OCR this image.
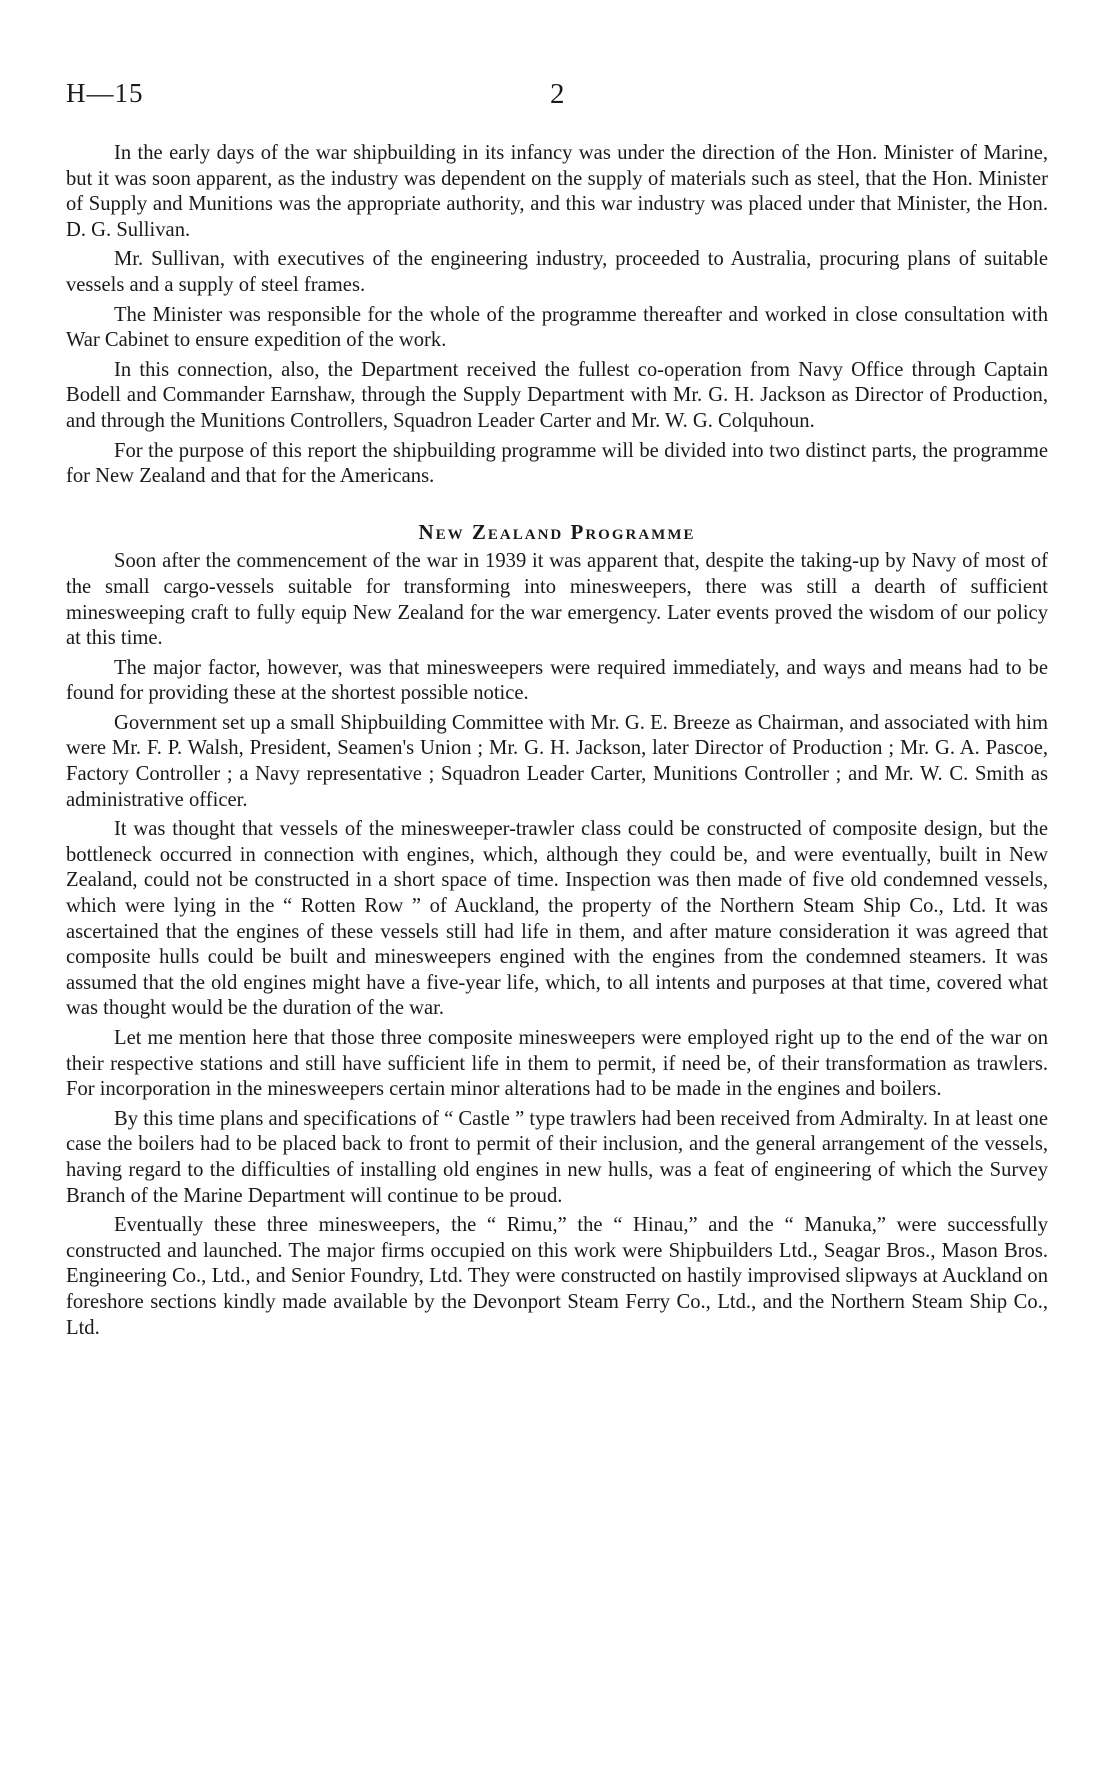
H—15	2

In the early days of the war shipbuilding in its infancy was under the direction of the Hon. Minister of Marine, but it was soon apparent, as the industry was dependent on the supply of materials such as steel, that the Hon. Minister of Supply and Munitions was the appropriate authority, and this war industry was placed under that Minister, the Hon. D. G. Sullivan.

Mr. Sullivan, with executives of the engineering industry, proceeded to Australia, procuring plans of suitable vessels and a supply of steel frames.

The Minister was responsible for the whole of the programme thereafter and worked in close consultation with War Cabinet to ensure expedition of the work.

In this connection, also, the Department received the fullest co-operation from Navy Office through Captain Bodell and Commander Earnshaw, through the Supply Department with Mr. G. H. Jackson as Director of Production, and through the Munitions Controllers, Squadron Leader Carter and Mr. W. G. Colquhoun.

For the purpose of this report the shipbuilding programme will be divided into two distinct parts, the programme for New Zealand and that for the Americans.

New Zealand Programme

Soon after the commencement of the war in 1939 it was apparent that, despite the taking-up by Navy of most of the small cargo-vessels suitable for transforming into minesweepers, there was still a dearth of sufficient minesweeping craft to fully equip New Zealand for the war emergency. Later events proved the wisdom of our policy at this time.

The major factor, however, was that minesweepers were required immediately, and ways and means had to be found for providing these at the shortest possible notice.

Government set up a small Shipbuilding Committee with Mr. G. E. Breeze as Chairman, and associated with him were Mr. F. P. Walsh, President, Seamen's Union ; Mr. G. H. Jackson, later Director of Production ; Mr. G. A. Pascoe, Factory Controller ; a Navy representative ; Squadron Leader Carter, Munitions Controller ; and Mr. W. C. Smith as administrative officer.

It was thought that vessels of the minesweeper-trawler class could be constructed of composite design, but the bottleneck occurred in connection with engines, which, although they could be, and were eventually, built in New Zealand, could not be constructed in a short space of time. Inspection was then made of five old condemned vessels, which were lying in the “ Rotten Row ” of Auckland, the property of the Northern Steam Ship Co., Ltd. It was ascertained that the engines of these vessels still had life in them, and after mature consideration it was agreed that composite hulls could be built and minesweepers engined with the engines from the condemned steamers. It was assumed that the old engines might have a five-year life, which, to all intents and purposes at that time, covered what was thought would be the duration of the war.

Let me mention here that those three composite minesweepers were employed right up to the end of the war on their respective stations and still have sufficient life in them to permit, if need be, of their transformation as trawlers. For incorporation in the minesweepers certain minor alterations had to be made in the engines and boilers.

By this time plans and specifications of “ Castle ” type trawlers had been received from Admiralty. In at least one case the boilers had to be placed back to front to permit of their inclusion, and the general arrangement of the vessels, having regard to the difficulties of installing old engines in new hulls, was a feat of engineering of which the Survey Branch of the Marine Department will continue to be proud.

Eventually these three minesweepers, the “ Rimu,” the “ Hinau,” and the “ Manuka,” were successfully constructed and launched. The major firms occupied on this work were Shipbuilders Ltd., Seagar Bros., Mason Bros. Engineering Co., Ltd., and Senior Foundry, Ltd. They were constructed on hastily improvised slipways at Auckland on foreshore sections kindly made available by the Devonport Steam Ferry Co., Ltd., and the Northern Steam Ship Co., Ltd.
